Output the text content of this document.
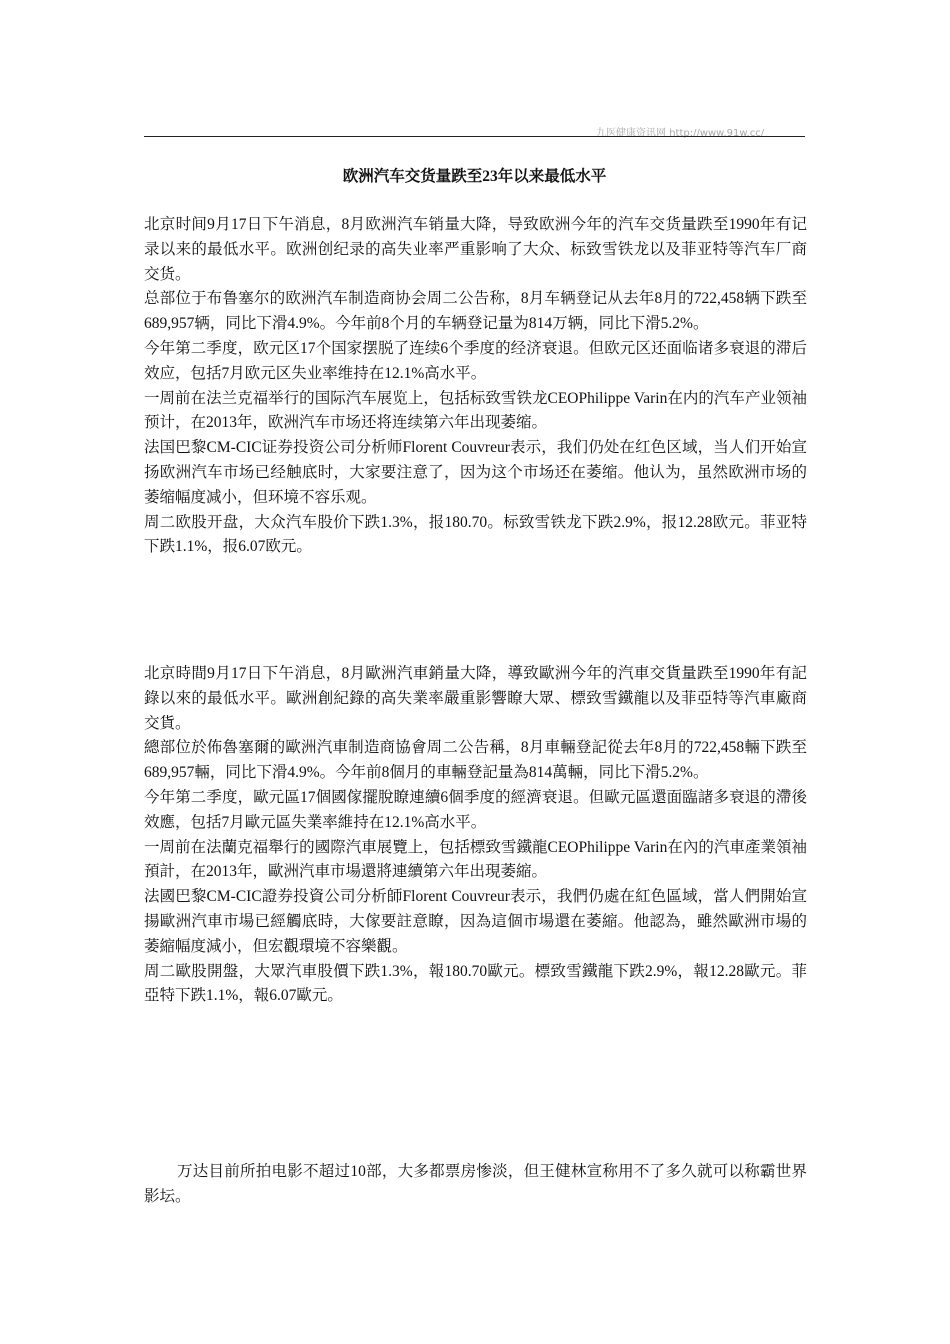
九医健康资讯网 http://www.91w.cc/
欧洲汽车交货量跌至23年以来最低水平

北京时间9月17日下午消息，8月欧洲汽车销量大降，导致欧洲今年的汽车交货量跌至1990年有记录以来的最低水平。欧洲创纪录的高失业率严重影响了大众、标致雪铁龙以及菲亚特等汽车厂商交货。

总部位于布鲁塞尔的欧洲汽车制造商协会周二公告称，8月车辆登记从去年8月的722,458辆下跌至689,957辆，同比下滑4.9%。今年前8个月的车辆登记量为814万辆，同比下滑5.2%。

今年第二季度，欧元区17个国家摆脱了连续6个季度的经济衰退。但欧元区还面临诸多衰退的滞后效应，包括7月欧元区失业率维持在12.1%高水平。

一周前在法兰克福举行的国际汽车展览上，包括标致雪铁龙CEOPhilippe Varin在内的汽车产业领袖预计，在2013年，欧洲汽车市场还将连续第六年出现萎缩。

法国巴黎CM-CIC证券投资公司分析师Florent Couvreur表示，我们仍处在红色区域，当人们开始宣扬欧洲汽车市场已经触底时，大家要注意了，因为这个市场还在萎缩。他认为，虽然欧洲市场的萎缩幅度减小，但环境不容乐观。

周二欧股开盘，大众汽车股价下跌1.3%，报180.70。标致雪铁龙下跌2.9%，报12.28欧元。菲亚特下跌1.1%，报6.07欧元。

北京時間9月17日下午消息，8月歐洲汽車銷量大降，導致歐洲今年的汽車交貨量跌至1990年有記錄以來的最低水平。歐洲創紀錄的高失業率嚴重影響瞭大眾、標致雪鐵龍以及菲亞特等汽車廠商交貨。

總部位於佈魯塞爾的歐洲汽車制造商協會周二公告稱，8月車輛登記從去年8月的722,458輛下跌至689,957輛，同比下滑4.9%。今年前8個月的車輛登記量為814萬輛，同比下滑5.2%。

今年第二季度，歐元區17個國傢擺脫瞭連續6個季度的經濟衰退。但歐元區還面臨諸多衰退的滯後效應，包括7月歐元區失業率維持在12.1%高水平。

一周前在法蘭克福舉行的國際汽車展覽上，包括標致雪鐵龍CEOPhilippe Varin在內的汽車產業領袖預計，在2013年，歐洲汽車市場還將連續第六年出現萎縮。

法國巴黎CM-CIC證券投資公司分析師Florent Couvreur表示，我們仍處在紅色區域，當人們開始宣揚歐洲汽車市場已經觸底時，大傢要註意瞭，因為這個市場還在萎縮。他認為，雖然歐洲市場的萎縮幅度減小，但宏觀環境不容樂觀。

周二歐股開盤，大眾汽車股價下跌1.3%，報180.70歐元。標致雪鐵龍下跌2.9%，報12.28歐元。菲亞特下跌1.1%，報6.07歐元。

万达目前所拍电影不超过10部，大多都票房惨淡，但王健林宣称用不了多久就可以称霸世界影坛。
